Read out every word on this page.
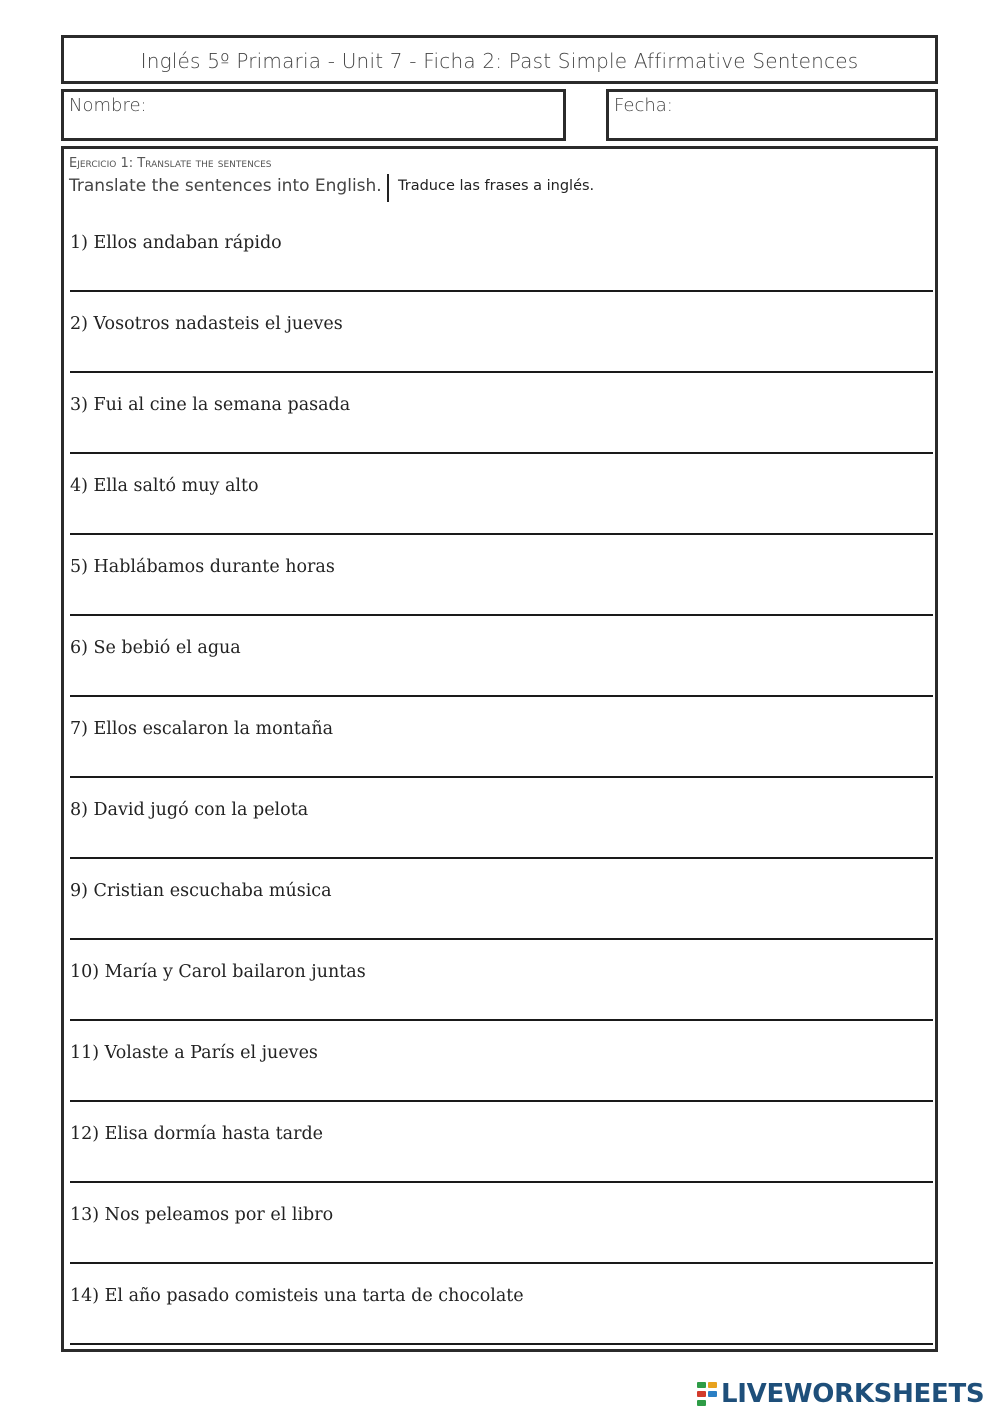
Inglés 5º Primaria - Unit 7 - Ficha 2: Past Simple Affirmative Sentences
Nombre:	Fecha:
Ejercicio 1: Translate the sentences
Translate the sentences into English.	Traduce las frases a inglés.
1) Ellos andaban rápido
2) Vosotros nadasteis el jueves
3) Fui al cine la semana pasada
4) Ella saltó muy alto
5) Hablábamos durante horas
6) Se bebió el agua
7) Ellos escalaron la montaña
8) David jugó con la pelota
9) Cristian escuchaba música
10) María y Carol bailaron juntas
11) Volaste a París el jueves
12) Elisa dormía hasta tarde
13) Nos peleamos por el libro
14) El año pasado comisteis una tarta de chocolate
LIVEWORKSHEETS
